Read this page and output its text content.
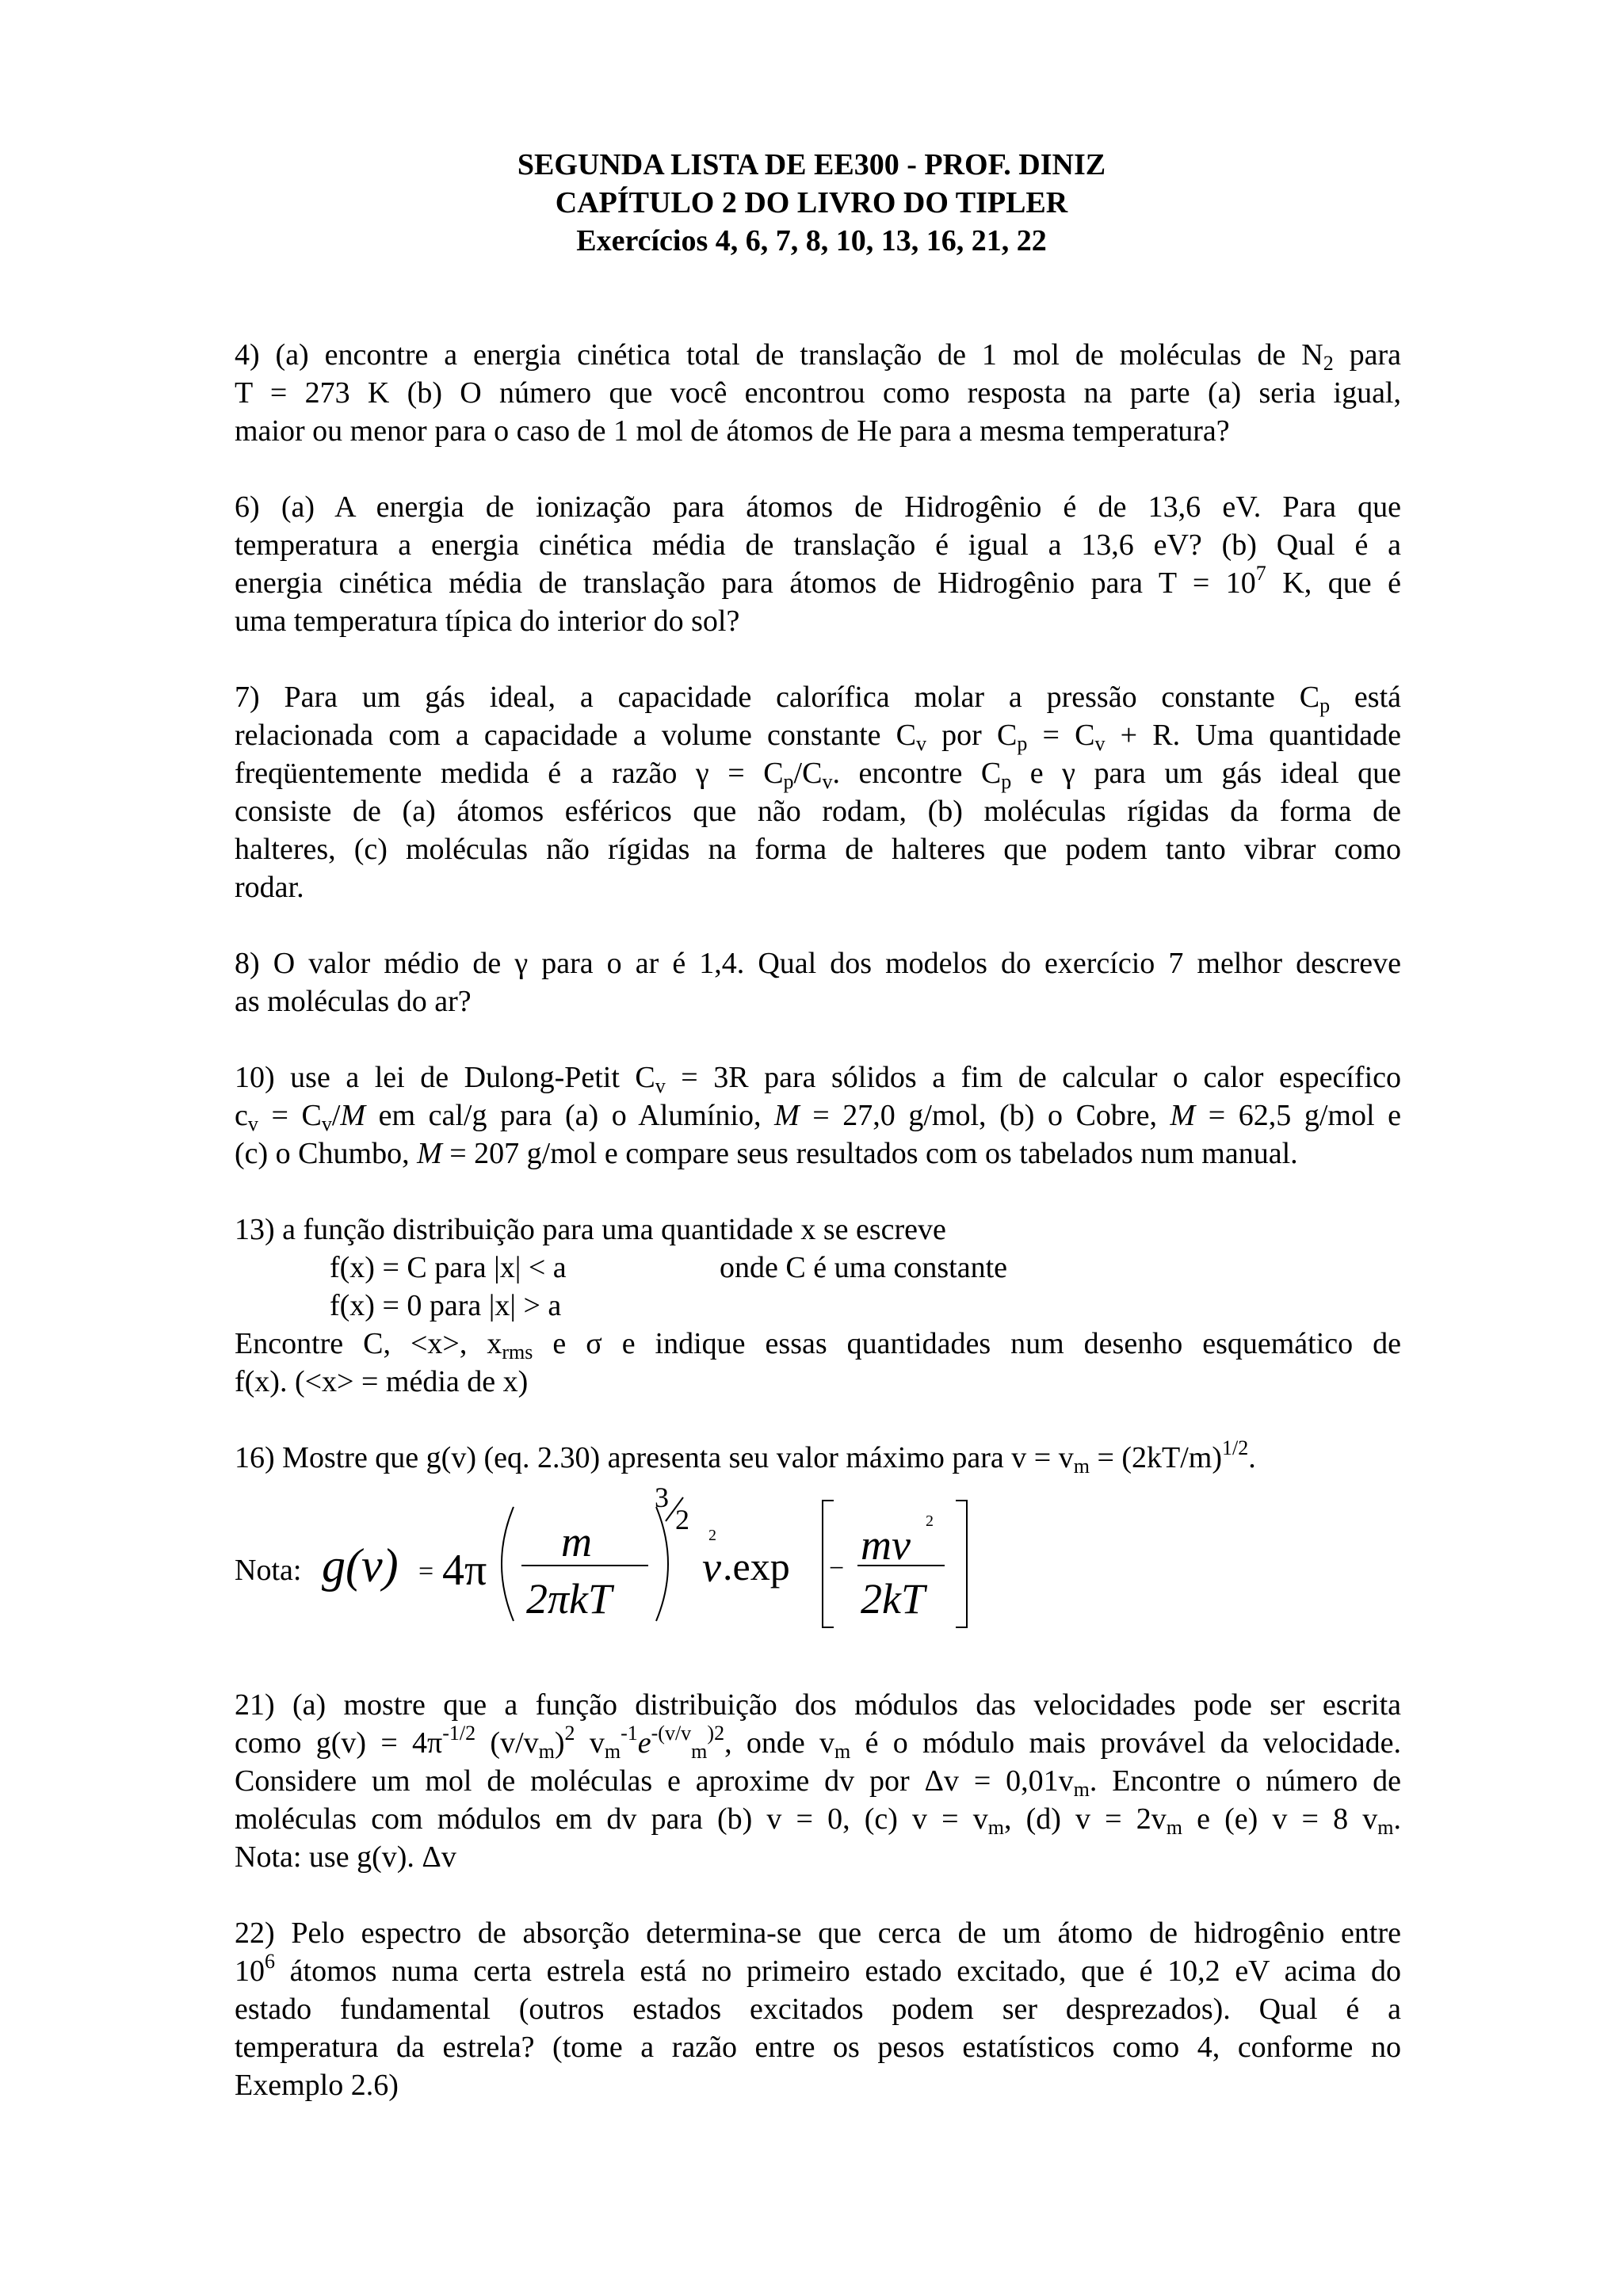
SEGUNDA LISTA DE EE300 - PROF. DINIZ
CAPÍTULO 2 DO LIVRO DO TIPLER
Exercícios 4, 6, 7, 8, 10, 13, 16, 21, 22
4) (a) encontre a energia cinética total de translação de 1 mol de moléculas de $N_2$ para
T = 273 K (b) O número que você encontrou como resposta na parte (a) seria igual,
maior ou menor para o caso de 1 mol de átomos de He para a mesma temperatura?
6) (a) A energia de ionização para átomos de Hidrogênio é de 13,6 eV. Para que
temperatura a energia cinética média de translação é igual a 13,6 eV? (b) Qual é a
energia cinética média de translação para átomos de Hidrogênio para $T = 10^7$ K, que é
uma temperatura típica do interior do sol?
7) Para um gás ideal, a capacidade calorífica molar a pressão constante $C_p$ está
relacionada com a capacidade a volume constante $C_v$ por $C_p = C_v + R$. Uma quantidade
freqüentemente medida é a razão $\gamma = C_p/C_v$. encontre $C_p$ e γ para um gás ideal que
consiste de (a) átomos esféricos que não rodam, (b) moléculas rígidas da forma de
halteres, (c) moléculas não rígidas na forma de halteres que podem tanto vibrar como
rodar.
8) O valor médio de γ para o ar é 1,4. Qual dos modelos do exercício 7 melhor descreve
as moléculas do ar?
10) use a lei de Dulong-Petit $C_v = 3R$ para sólidos a fim de calcular o calor específico
$c_v = C_v/M$ em cal/g para (a) o Alumínio, M = 27,0 g/mol, (b) o Cobre, M = 62,5 g/mol e
(c) o Chumbo, M = 207 g/mol e compare seus resultados com os tabelados num manual.
13) a função distribuição para uma quantidade x se escreve
f(x) = C para |x| < a	onde C é uma constante
f(x) = 0 para |x| > a
Encontre C, <x>, $x_{rms}$ e σ e indique essas quantidades num desenho esquemático de
f(x). (<x> = média de x)
16) Mostre que g(v) (eq. 2.30) apresenta seu valor máximo para $v = v_m = (2kT/m)^{1/2}$.
Nota: g(v) = 4π
m
2πkT
3
2 2
v .exp − mv 2
2kT
21) (a) mostre que a função distribuição dos módulos das velocidades pode ser escrita
como $g(v) = 4\pi^{-1/2}$ $(v/v_m)^2$ $v_m^{-1}e^{-(v/v}_m^{)2}$, onde $v_m$ é o módulo mais provável da velocidade.
Considere um mol de moléculas e aproxime dv por $\Delta v = 0,01v_m$. Encontre o número de
moléculas com módulos em dv para (b) v = 0, (c) $v = v_m$, (d) $v = 2v_m$ e (e) v = 8 $v_m$.
Nota: use g(v). Δv
22) Pelo espectro de absorção determina-se que cerca de um átomo de hidrogênio entre
$10^6$ átomos numa certa estrela está no primeiro estado excitado, que é 10,2 eV acima do
estado fundamental (outros estados excitados podem ser desprezados). Qual é a
temperatura da estrela? (tome a razão entre os pesos estatísticos como 4, conforme no
Exemplo 2.6)
